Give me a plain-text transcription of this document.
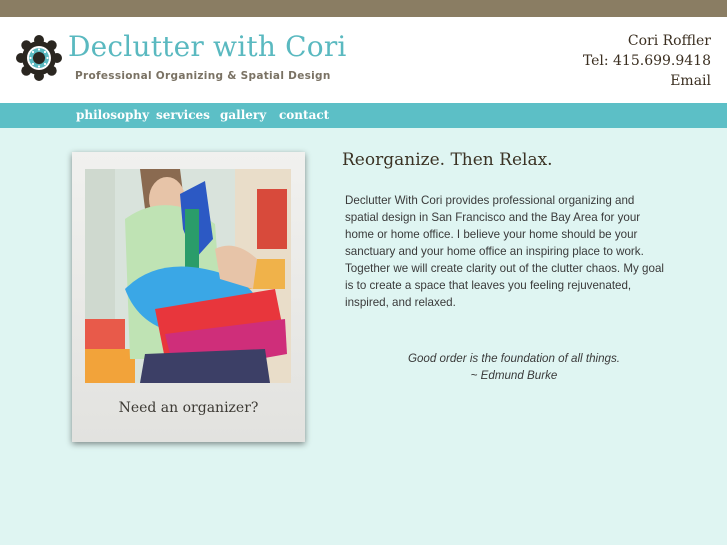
Declutter with Cori
Professional Organizing & Spatial Design
Cori Roffler
Tel: 415.699.9418
Email
philosophy services gallery contact
Need an organizer?
Reorganize. Then Relax.

Declutter With Cori provides professional organizing and spatial design in San Francisco and the Bay Area for your home or home office. I believe your home should be your sanctuary and your home office an inspiring place to work. Together we will create clarity out of the clutter chaos. My goal is to create a space that leaves you feeling rejuvenated, inspired, and relaxed.

Good order is the foundation of all things.
~ Edmund Burke
